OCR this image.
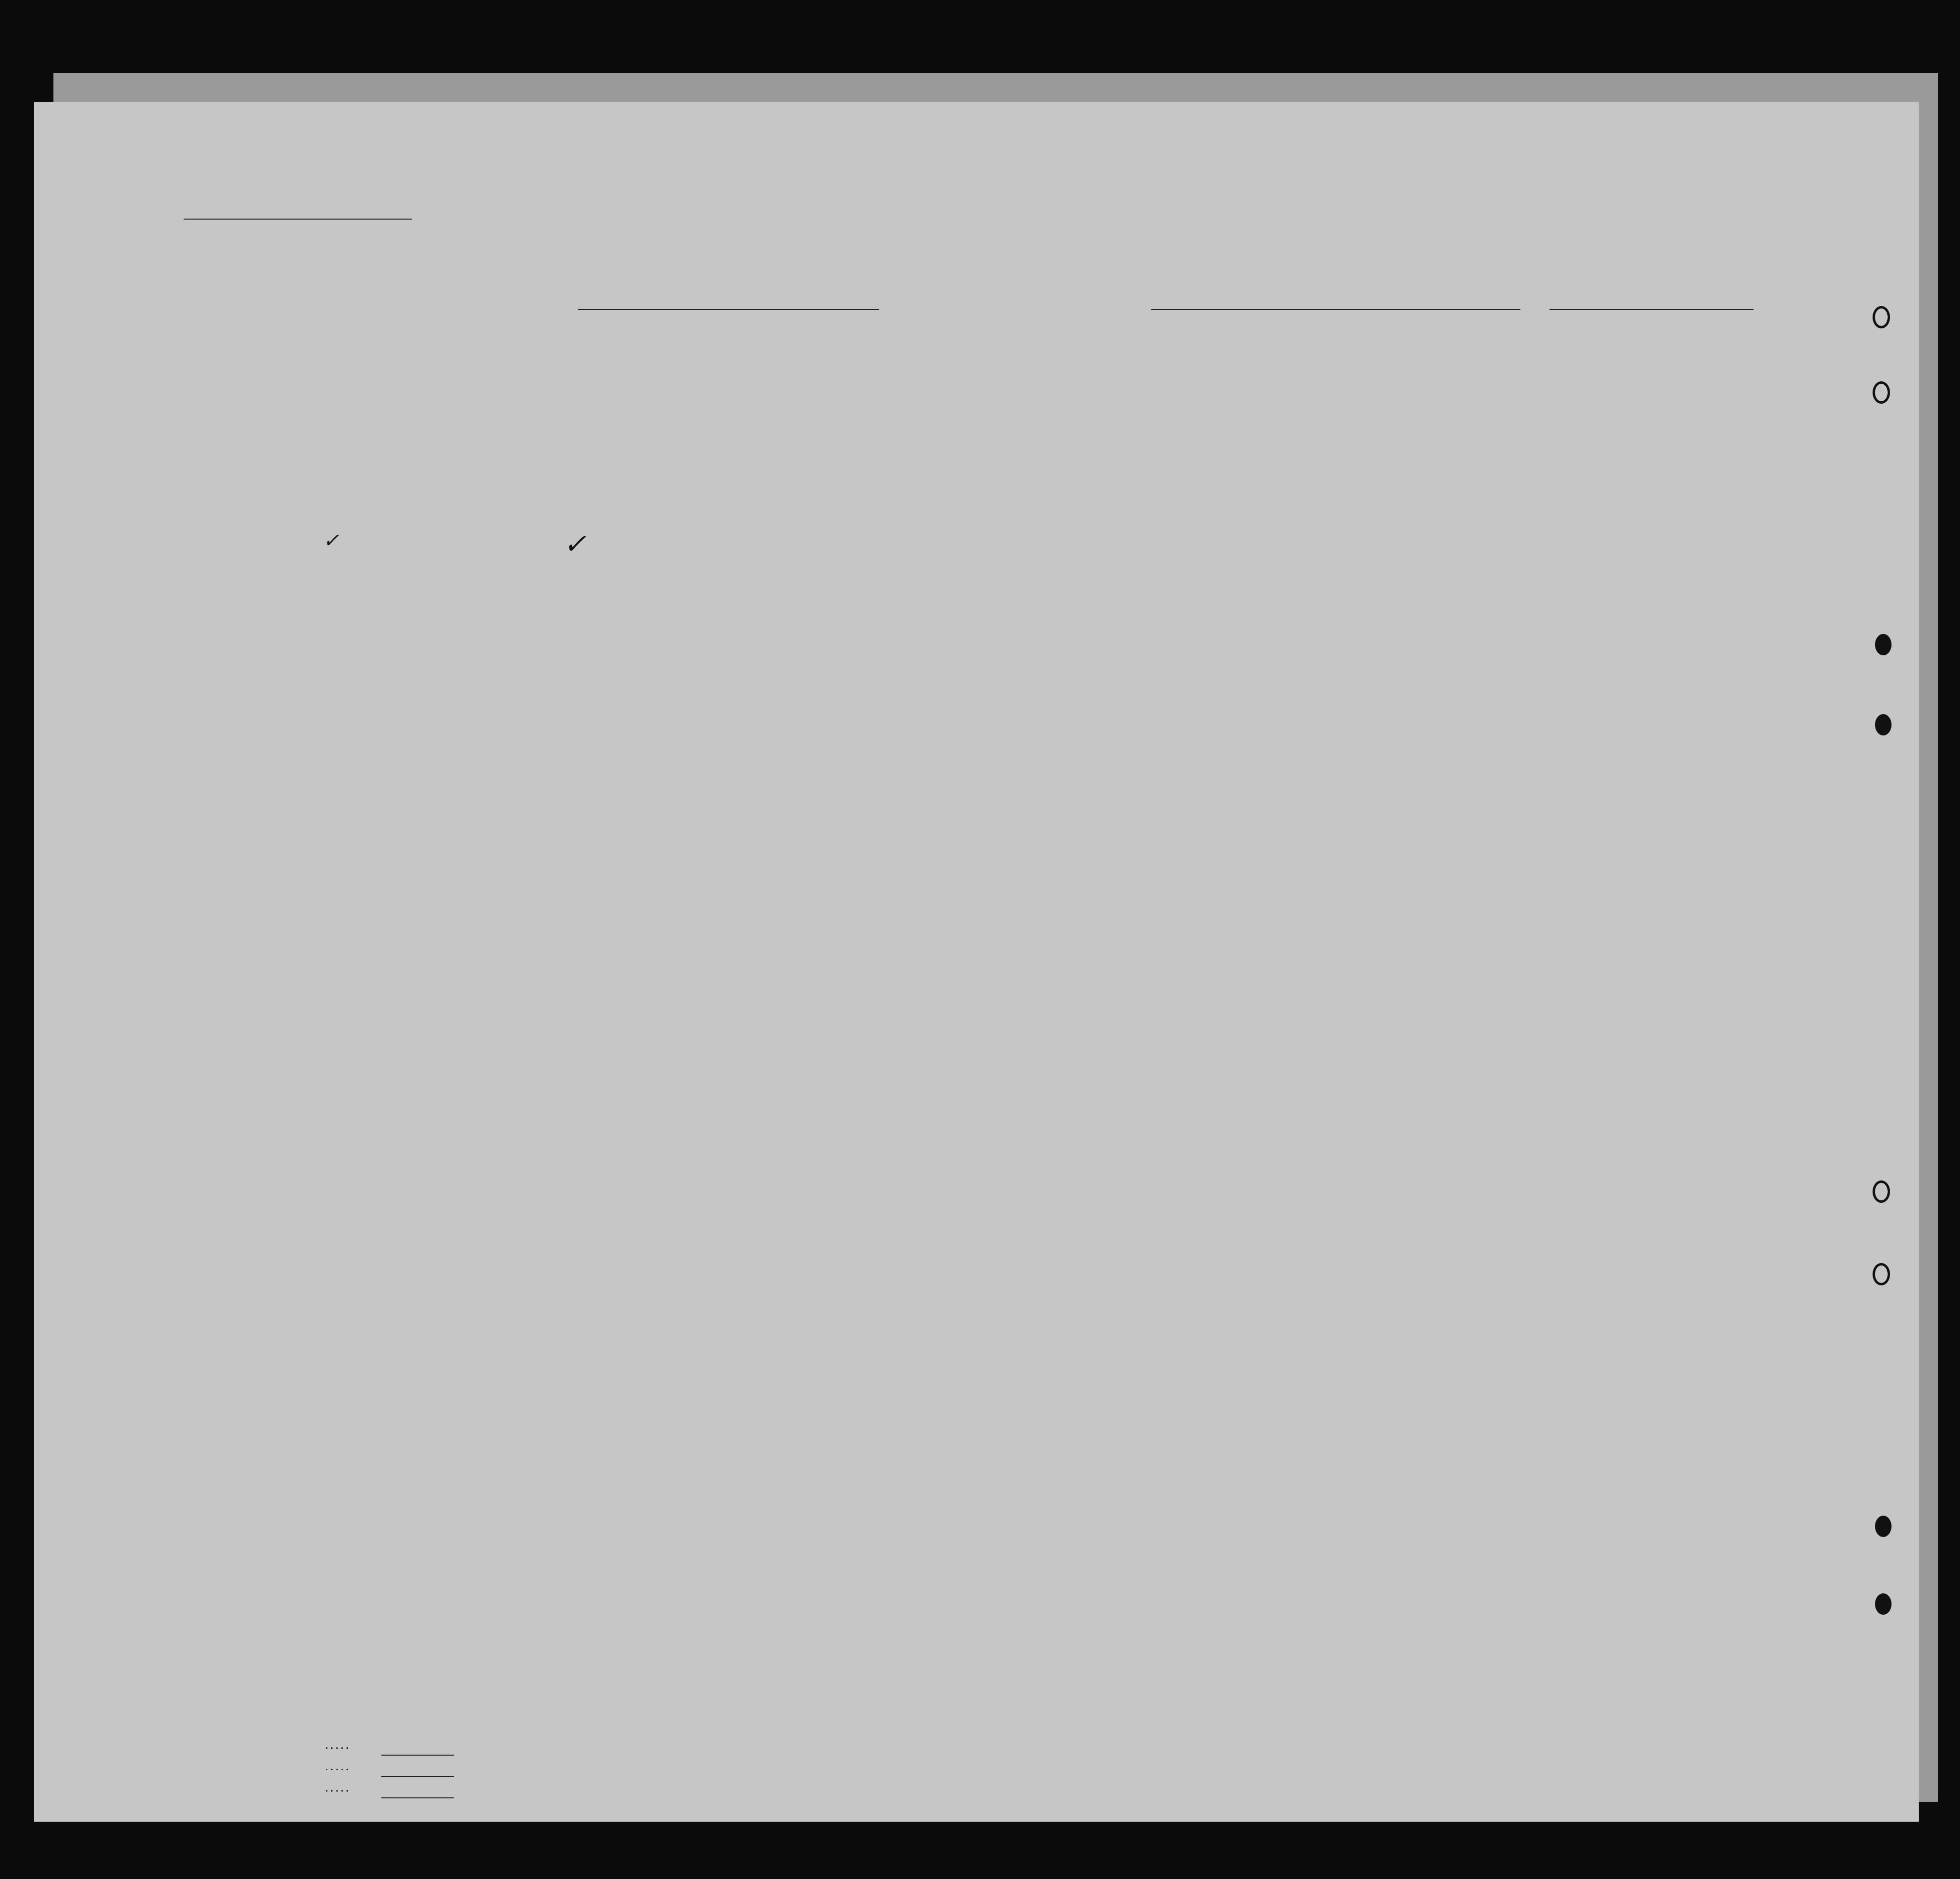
✓	✓
. . . . .
. . . . .
. . . . .
